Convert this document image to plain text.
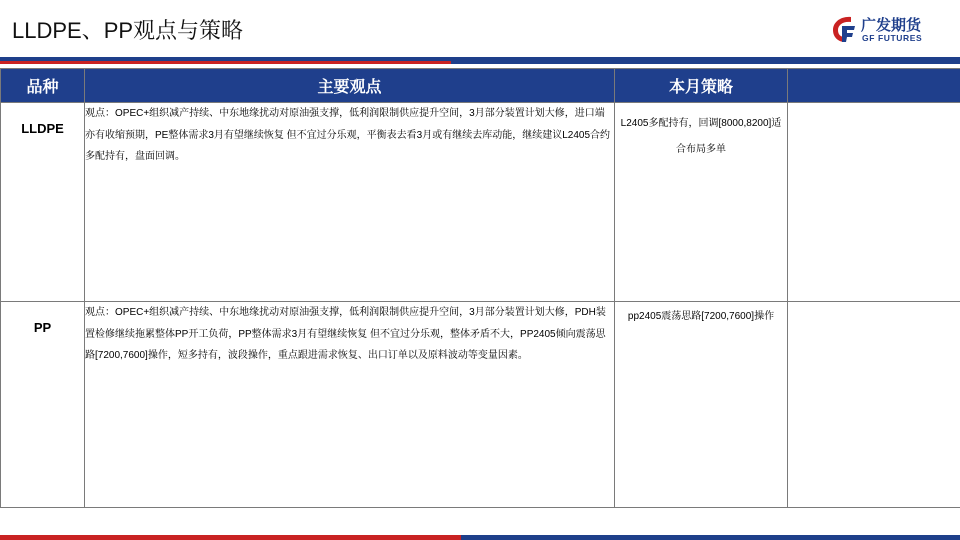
LLDPE、PP观点与策略	广发期货
GF FUTURES
品种	主要观点	本月策略	
LLDPE	观点：OPEC+组织减产持续、中东地缘扰动对原油强支撑，低利润限制供应提升空间，3月部分装置计划大修，进口端亦有收缩预期，PE整体需求3月有望继续恢复 但不宜过分乐观，平衡表去看3月或有继续去库动能，继续建议L2405合约多配持有，盘面回调。	L2405多配持有，回调[8000,8200]适合布局多单	
PP	观点：OPEC+组织减产持续、中东地缘扰动对原油强支撑，低利润限制供应提升空间，3月部分装置计划大修，PDH装置检修继续拖累整体PP开工负荷，PP整体需求3月有望继续恢复 但不宜过分乐观，整体矛盾不大，PP2405倾向震荡思路[7200,7600]操作，短多持有，波段操作，重点跟进需求恢复、出口订单以及原料波动等变量因素。	pp2405震荡思路[7200,7600]操作	
